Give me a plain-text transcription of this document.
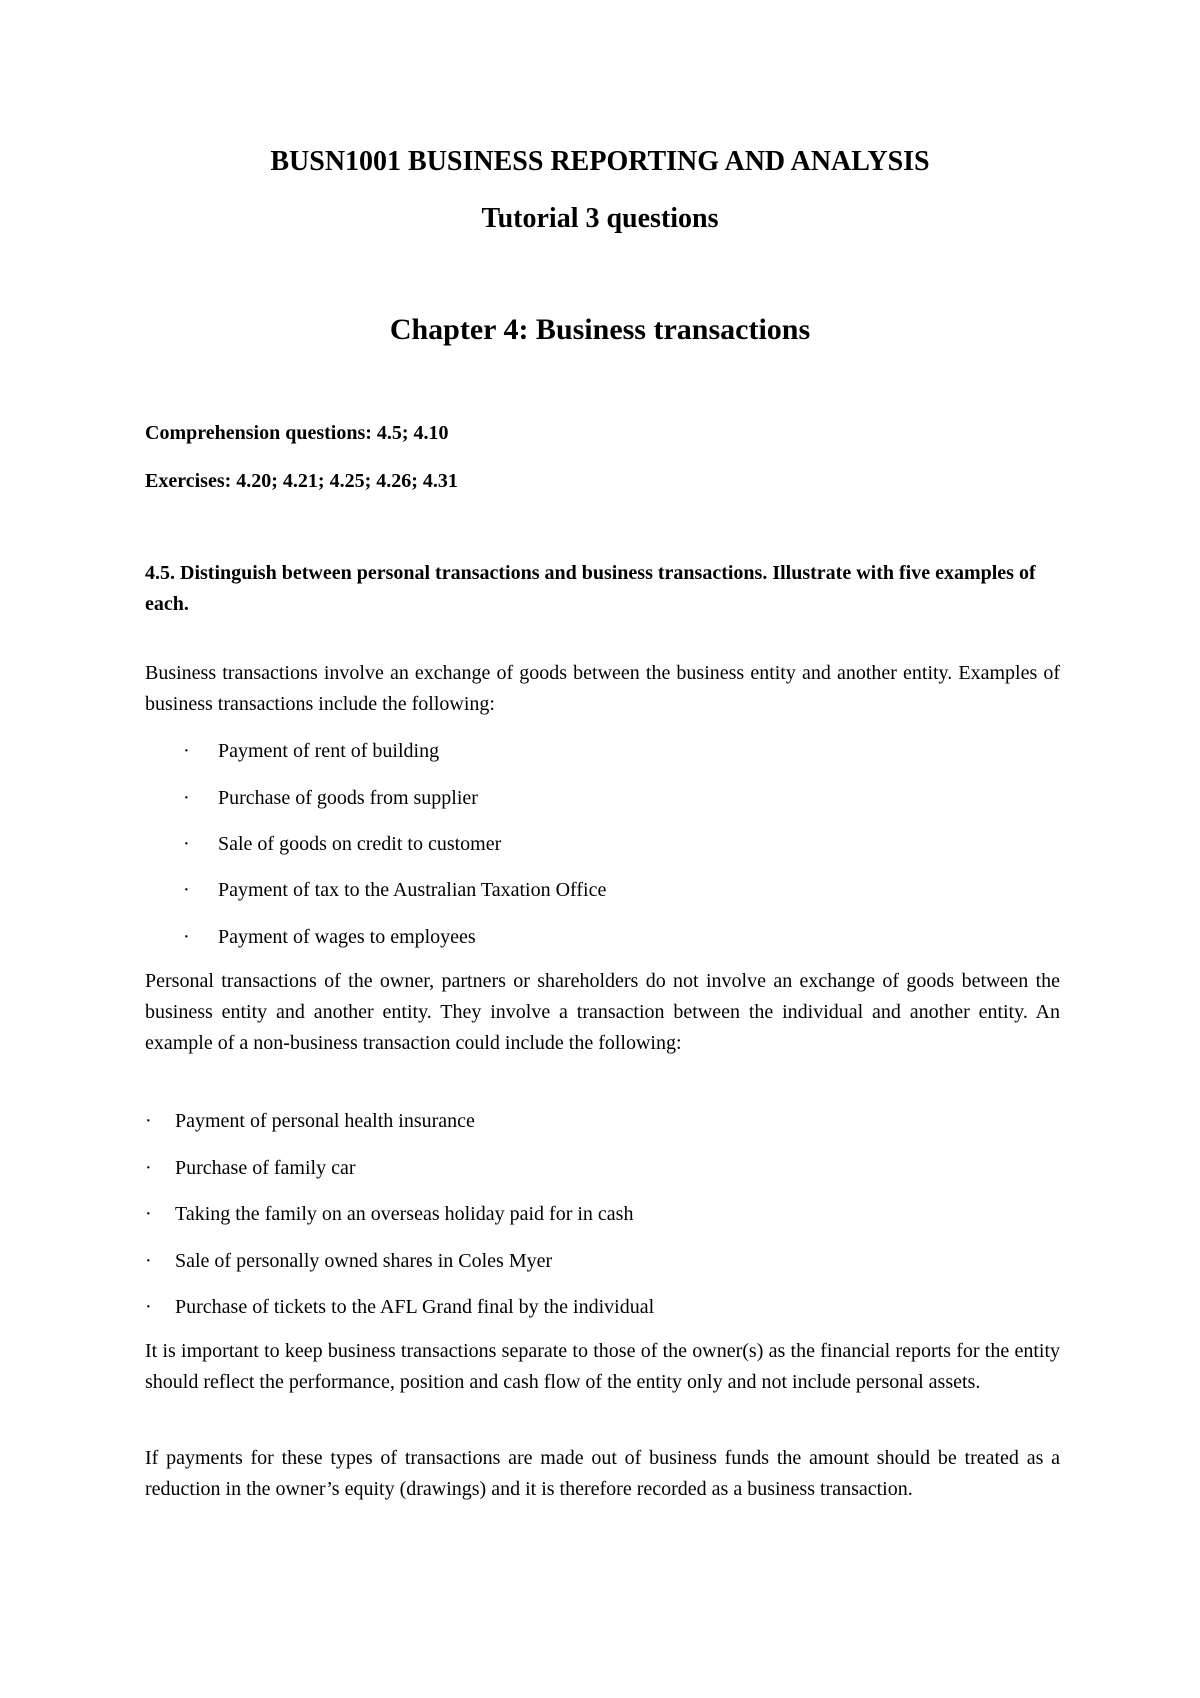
BUSN1001 BUSINESS REPORTING AND ANALYSIS
Tutorial 3 questions
Chapter 4: Business transactions

Comprehension questions: 4.5; 4.10

Exercises: 4.20; 4.21; 4.25; 4.26; 4.31

4.5. Distinguish between personal transactions and business transactions. Illustrate with five examples of each.

Business transactions involve an exchange of goods between the business entity and another entity. Examples of business transactions include the following:

· Payment of rent of building
· Purchase of goods from supplier
· Sale of goods on credit to customer
· Payment of tax to the Australian Taxation Office
· Payment of wages to employees

Personal transactions of the owner, partners or shareholders do not involve an exchange of goods between the business entity and another entity. They involve a transaction between the individual and another entity. An example of a non-business transaction could include the following:

· Payment of personal health insurance
· Purchase of family car
· Taking the family on an overseas holiday paid for in cash
· Sale of personally owned shares in Coles Myer
· Purchase of tickets to the AFL Grand final by the individual

It is important to keep business transactions separate to those of the owner(s) as the financial reports for the entity should reflect the performance, position and cash flow of the entity only and not include personal assets.

If payments for these types of transactions are made out of business funds the amount should be treated as a reduction in the owner’s equity (drawings) and it is therefore recorded as a business transaction.
